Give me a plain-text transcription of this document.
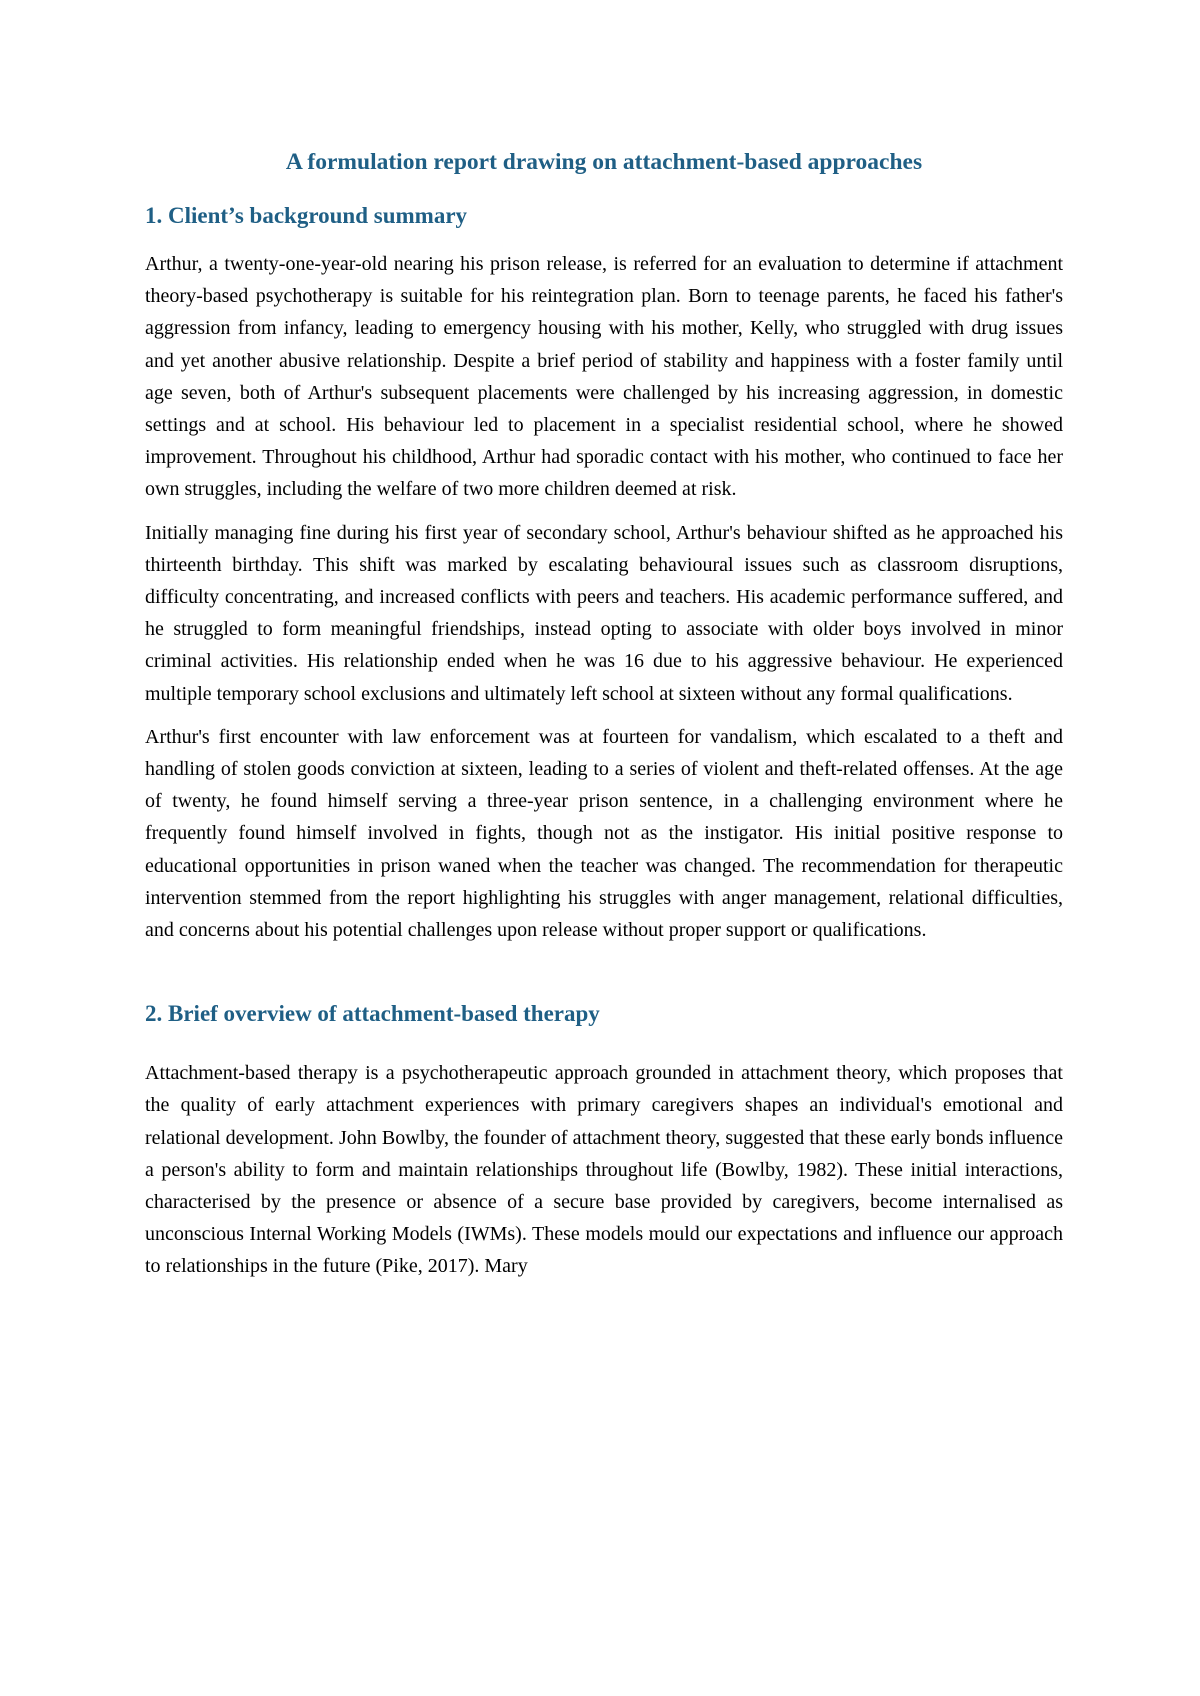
A formulation report drawing on attachment-based approaches
1. Client’s background summary

Arthur, a twenty-one-year-old nearing his prison release, is referred for an evaluation to determine if attachment theory-based psychotherapy is suitable for his reintegration plan. Born to teenage parents, he faced his father's aggression from infancy, leading to emergency housing with his mother, Kelly, who struggled with drug issues and yet another abusive relationship. Despite a brief period of stability and happiness with a foster family until age seven, both of Arthur's subsequent placements were challenged by his increasing aggression, in domestic settings and at school. His behaviour led to placement in a specialist residential school, where he showed improvement. Throughout his childhood, Arthur had sporadic contact with his mother, who continued to face her own struggles, including the welfare of two more children deemed at risk.

Initially managing fine during his first year of secondary school, Arthur's behaviour shifted as he approached his thirteenth birthday. This shift was marked by escalating behavioural issues such as classroom disruptions, difficulty concentrating, and increased conflicts with peers and teachers. His academic performance suffered, and he struggled to form meaningful friendships, instead opting to associate with older boys involved in minor criminal activities. His relationship ended when he was 16 due to his aggressive behaviour. He experienced multiple temporary school exclusions and ultimately left school at sixteen without any formal qualifications.

Arthur's first encounter with law enforcement was at fourteen for vandalism, which escalated to a theft and handling of stolen goods conviction at sixteen, leading to a series of violent and theft-related offenses. At the age of twenty, he found himself serving a three-year prison sentence, in a challenging environment where he frequently found himself involved in fights, though not as the instigator. His initial positive response to educational opportunities in prison waned when the teacher was changed. The recommendation for therapeutic intervention stemmed from the report highlighting his struggles with anger management, relational difficulties, and concerns about his potential challenges upon release without proper support or qualifications.

2. Brief overview of attachment-based therapy

Attachment-based therapy is a psychotherapeutic approach grounded in attachment theory, which proposes that the quality of early attachment experiences with primary caregivers shapes an individual's emotional and relational development. John Bowlby, the founder of attachment theory, suggested that these early bonds influence a person's ability to form and maintain relationships throughout life (Bowlby, 1982). These initial interactions, characterised by the presence or absence of a secure base provided by caregivers, become internalised as unconscious Internal Working Models (IWMs). These models mould our expectations and influence our approach to relationships in the future (Pike, 2017). Mary
